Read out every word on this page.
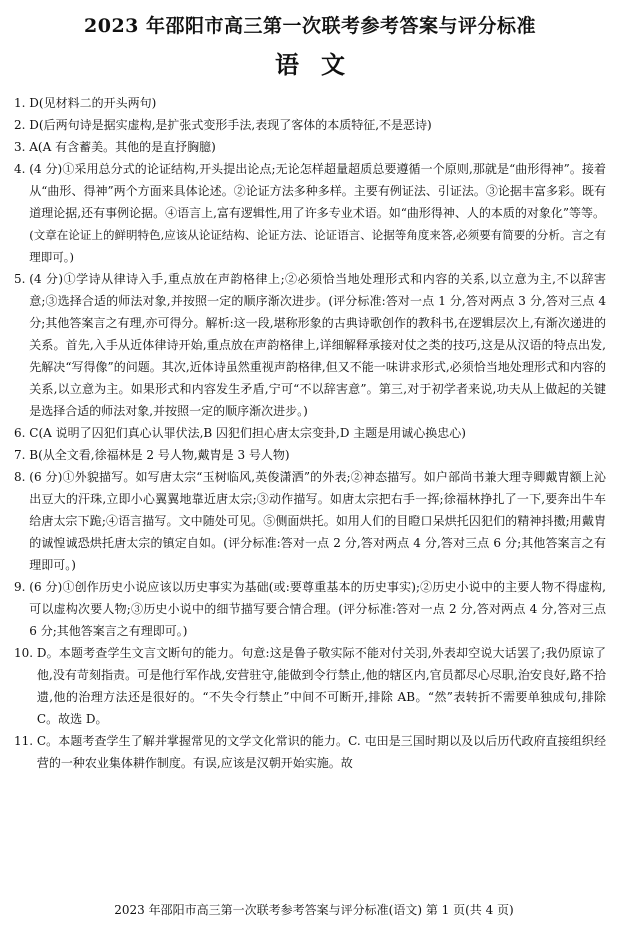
2023 年邵阳市高三第一次联考参考答案与评分标准
语文
1. D(见材料二的开头两句)
2. D(后两句诗是据实虚构,是扩张式变形手法,表现了客体的本质特征,不是恶诗)
3. A(A 有含蓄美。其他的是直抒胸臆)
4. (4 分)①采用总分式的论证结构,开头提出论点;无论怎样超量超质总要遵循一个原则,那就是“曲形得神”。接着从“曲形、得神”两个方面来具体论述。②论证方法多种多样。主要有例证法、引证法。③论据丰富多彩。既有道理论据,还有事例论据。④语言上,富有逻辑性,用了许多专业术语。如“曲形得神、人的本质的对象化”等等。
(文章在论证上的鲜明特色,应该从论证结构、论证方法、论证语言、论据等角度来答,必须要有简要的分析。言之有理即可。)
5. (4 分)①学诗从律诗入手,重点放在声韵格律上;②必须恰当地处理形式和内容的关系,以立意为主,不以辞害意;③选择合适的师法对象,并按照一定的顺序渐次进步。(评分标准:答对一点 1 分,答对两点 3 分,答对三点 4 分;其他答案言之有理,亦可得分。解析:这一段,堪称形象的古典诗歌创作的教科书,在逻辑层次上,有渐次递进的关系。首先,入手从近体律诗开始,重点放在声韵格律上,详细解释承接对仗之类的技巧,这是从汉语的特点出发,先解决“写得像”的问题。其次,近体诗虽然重视声韵格律,但又不能一味讲求形式,必须恰当地处理形式和内容的关系,以立意为主。如果形式和内容发生矛盾,宁可“不以辞害意”。第三,对于初学者来说,功夫从上做起的关键是选择合适的师法对象,并按照一定的顺序渐次进步。)
6. C(A 说明了囚犯们真心认罪伏法,B 囚犯们担心唐太宗变卦,D 主题是用诚心换忠心)
7. B(从全文看,徐福林是 2 号人物,戴胄是 3 号人物)
8. (6 分)①外貌描写。如写唐太宗“玉树临风,英俊潇洒”的外表;②神态描写。如户部尚书兼大理寺卿戴胄额上沁出豆大的汗珠,立即小心翼翼地靠近唐太宗;③动作描写。如唐太宗把右手一挥;徐福林挣扎了一下,要奔出牛车给唐太宗下跪;④语言描写。文中随处可见。⑤侧面烘托。如用人们的目瞪口呆烘托囚犯们的精神抖擞;用戴胄的诚惶诚恐烘托唐太宗的镇定自如。(评分标准:答对一点 2 分,答对两点 4 分,答对三点 6 分;其他答案言之有理即可。)
9. (6 分)①创作历史小说应该以历史事实为基础(或:要尊重基本的历史事实);②历史小说中的主要人物不得虚构,可以虚构次要人物;③历史小说中的细节描写要合情合理。(评分标准:答对一点 2 分,答对两点 4 分,答对三点 6 分;其他答案言之有理即可。)
10. D。本题考查学生文言文断句的能力。句意:这是鲁子敬实际不能对付关羽,外表却空说大话罢了;我仍原谅了他,没有苛刻指责。可是他行军作战,安营驻守,能做到令行禁止,他的辖区内,官员都尽心尽职,治安良好,路不拾遗,他的治理方法还是很好的。“不失令行禁止”中间不可断开,排除 AB。“然”表转折不需要单独成句,排除 C。故选 D。
11. C。本题考查学生了解并掌握常见的文学文化常识的能力。C. 屯田是三国时期以及以后历代政府直接组织经营的一种农业集体耕作制度。有误,应该是汉朝开始实施。故
2023 年邵阳市高三第一次联考参考答案与评分标准(语文) 第 1 页(共 4 页)
